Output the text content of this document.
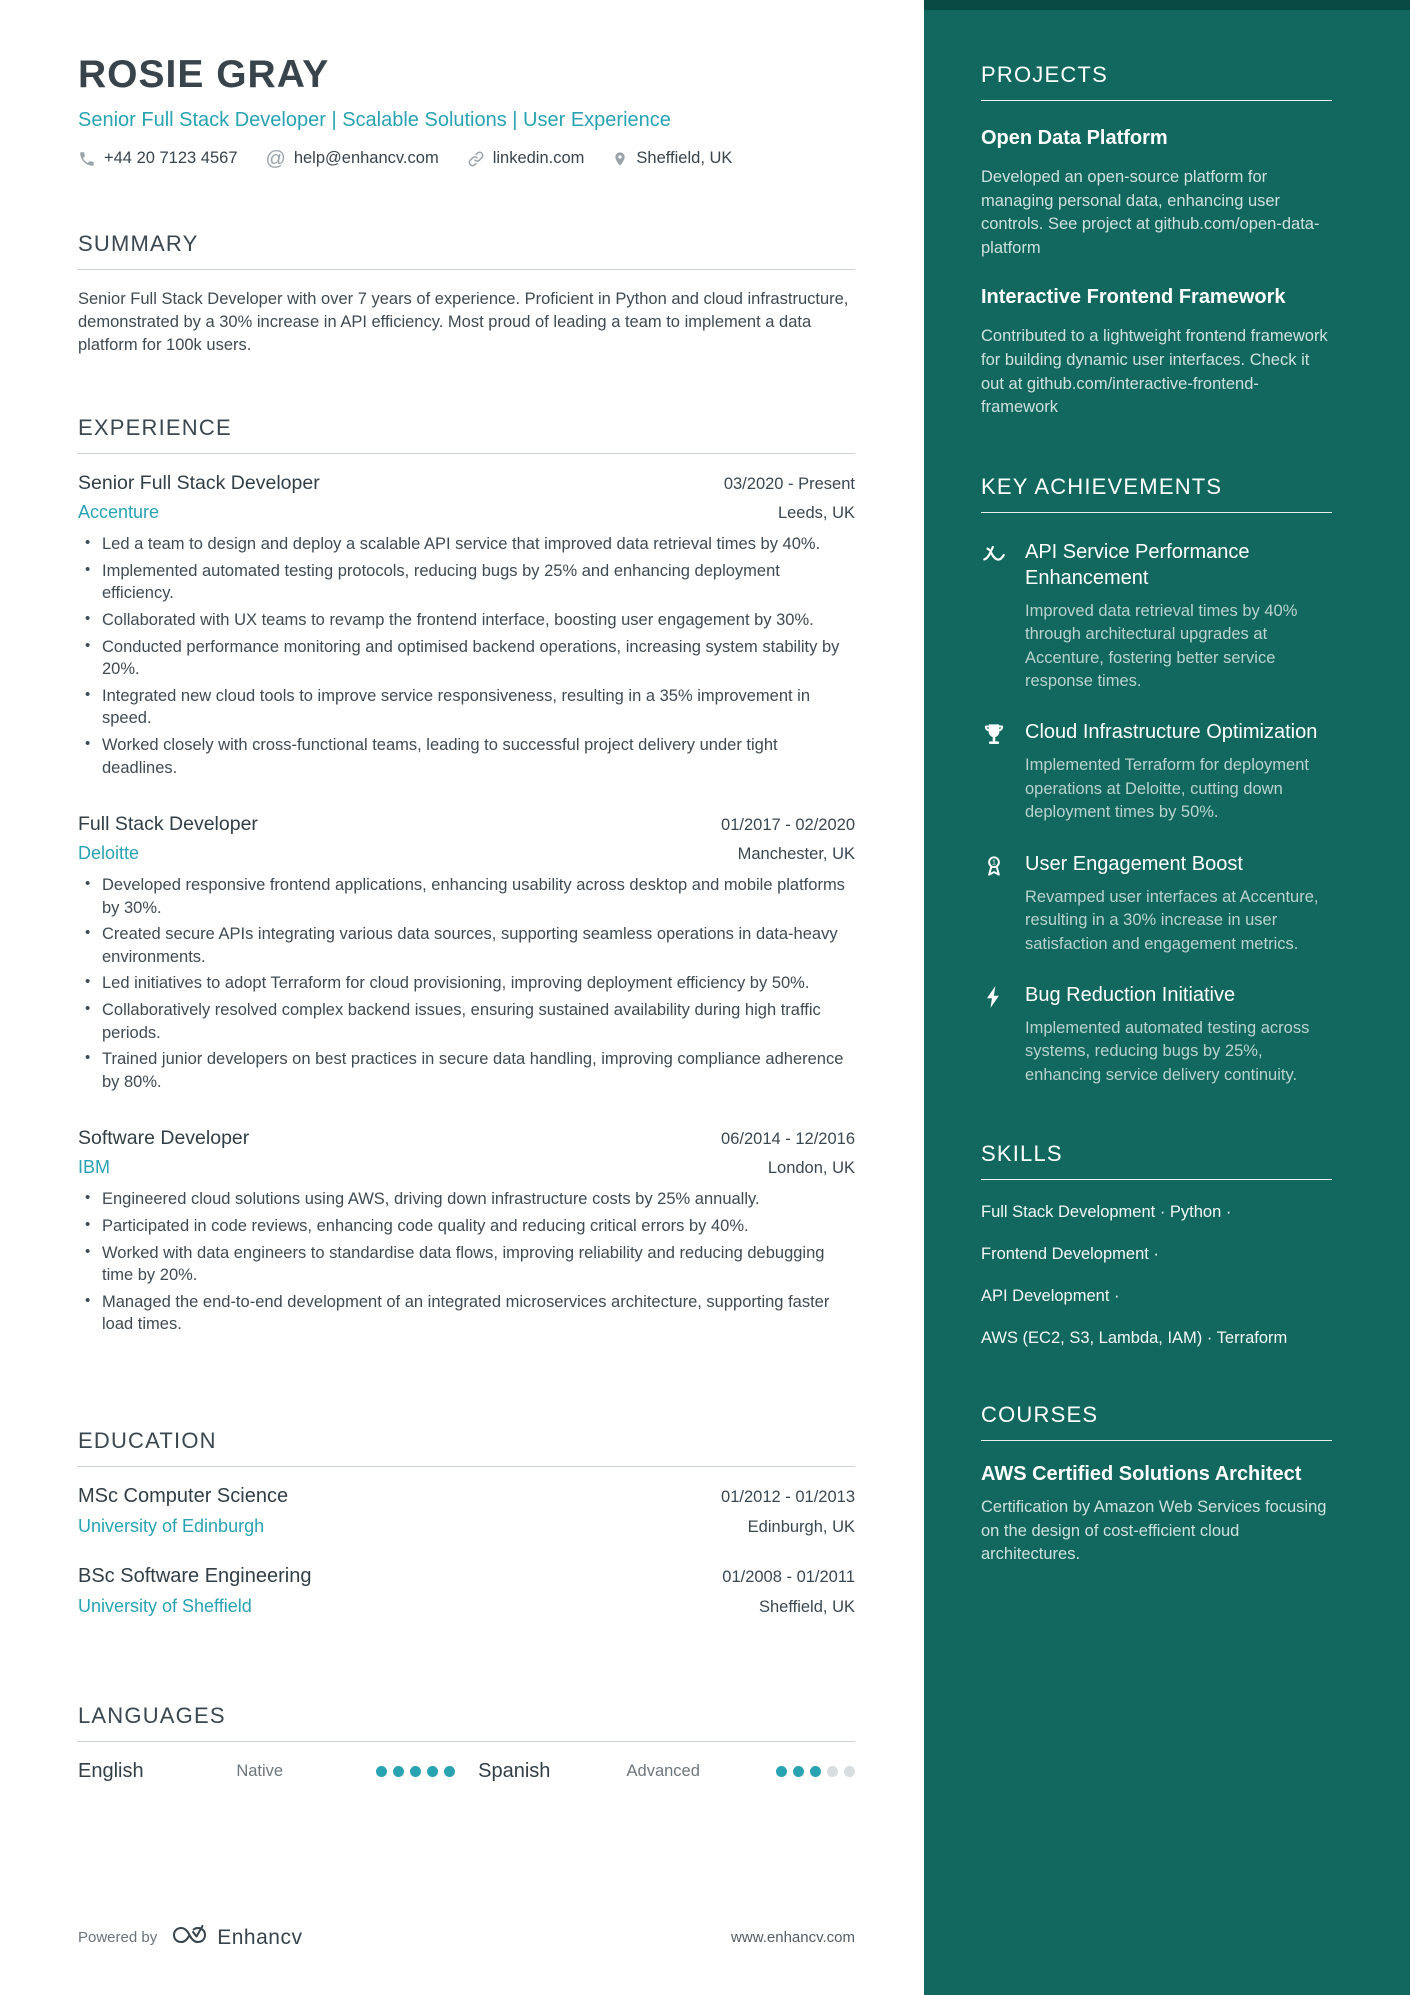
ROSIE GRAY
Senior Full Stack Developer | Scalable Solutions | User Experience
+44 20 7123 4567 @ help@enhancv.com	linkedin.com	Sheffield, UK
SUMMARY
Senior Full Stack Developer with over 7 years of experience. Proficient in Python and cloud infrastructure, demonstrated by a 30% increase in API efficiency. Most proud of leading a team to implement a data platform for 100k users.
EXPERIENCE
Senior Full Stack Developer	03/2020 - Present
Accenture	Leeds, UK
• Led a team to design and deploy a scalable API service that improved data retrieval times by 40%.
• Implemented automated testing protocols, reducing bugs by 25% and enhancing deployment efficiency.
• Collaborated with UX teams to revamp the frontend interface, boosting user engagement by 30%.
• Conducted performance monitoring and optimised backend operations, increasing system stability by 20%.
• Integrated new cloud tools to improve service responsiveness, resulting in a 35% improvement in speed.
• Worked closely with cross-functional teams, leading to successful project delivery under tight deadlines.
Full Stack Developer	01/2017 - 02/2020
Deloitte	Manchester, UK
• Developed responsive frontend applications, enhancing usability across desktop and mobile platforms by 30%.
• Created secure APIs integrating various data sources, supporting seamless operations in data-heavy environments.
• Led initiatives to adopt Terraform for cloud provisioning, improving deployment efficiency by 50%.
• Collaboratively resolved complex backend issues, ensuring sustained availability during high traffic periods.
• Trained junior developers on best practices in secure data handling, improving compliance adherence by 80%.
Software Developer	06/2014 - 12/2016
IBM	London, UK
• Engineered cloud solutions using AWS, driving down infrastructure costs by 25% annually.
• Participated in code reviews, enhancing code quality and reducing critical errors by 40%.
• Worked with data engineers to standardise data flows, improving reliability and reducing debugging time by 20%.
• Managed the end-to-end development of an integrated microservices architecture, supporting faster load times.
EDUCATION
MSc Computer Science	01/2012 - 01/2013
University of Edinburgh	Edinburgh, UK
BSc Software Engineering	01/2008 - 01/2011
University of Sheffield	Sheffield, UK
LANGUAGES
English	Native	Spanish	Advanced
Powered by	Enhancv	www.enhancv.com
PROJECTS
Open Data Platform
Developed an open-source platform for managing personal data, enhancing user controls. See project at github.com/open-data-platform
Interactive Frontend Framework
Contributed to a lightweight frontend framework for building dynamic user interfaces. Check it out at github.com/interactive-frontend-framework
KEY ACHIEVEMENTS
API Service Performance Enhancement
Improved data retrieval times by 40% through architectural upgrades at Accenture, fostering better service response times.
Cloud Infrastructure Optimization
Implemented Terraform for deployment operations at Deloitte, cutting down deployment times by 50%.
1 User Engagement Boost
Revamped user interfaces at Accenture, resulting in a 30% increase in user satisfaction and engagement metrics.
Bug Reduction Initiative
Implemented automated testing across systems, reducing bugs by 25%, enhancing service delivery continuity.
SKILLS
Full Stack Development · Python ·
Frontend Development ·
API Development ·
AWS (EC2, S3, Lambda, IAM) · Terraform
COURSES
AWS Certified Solutions Architect
Certification by Amazon Web Services focusing on the design of cost-efficient cloud architectures.
